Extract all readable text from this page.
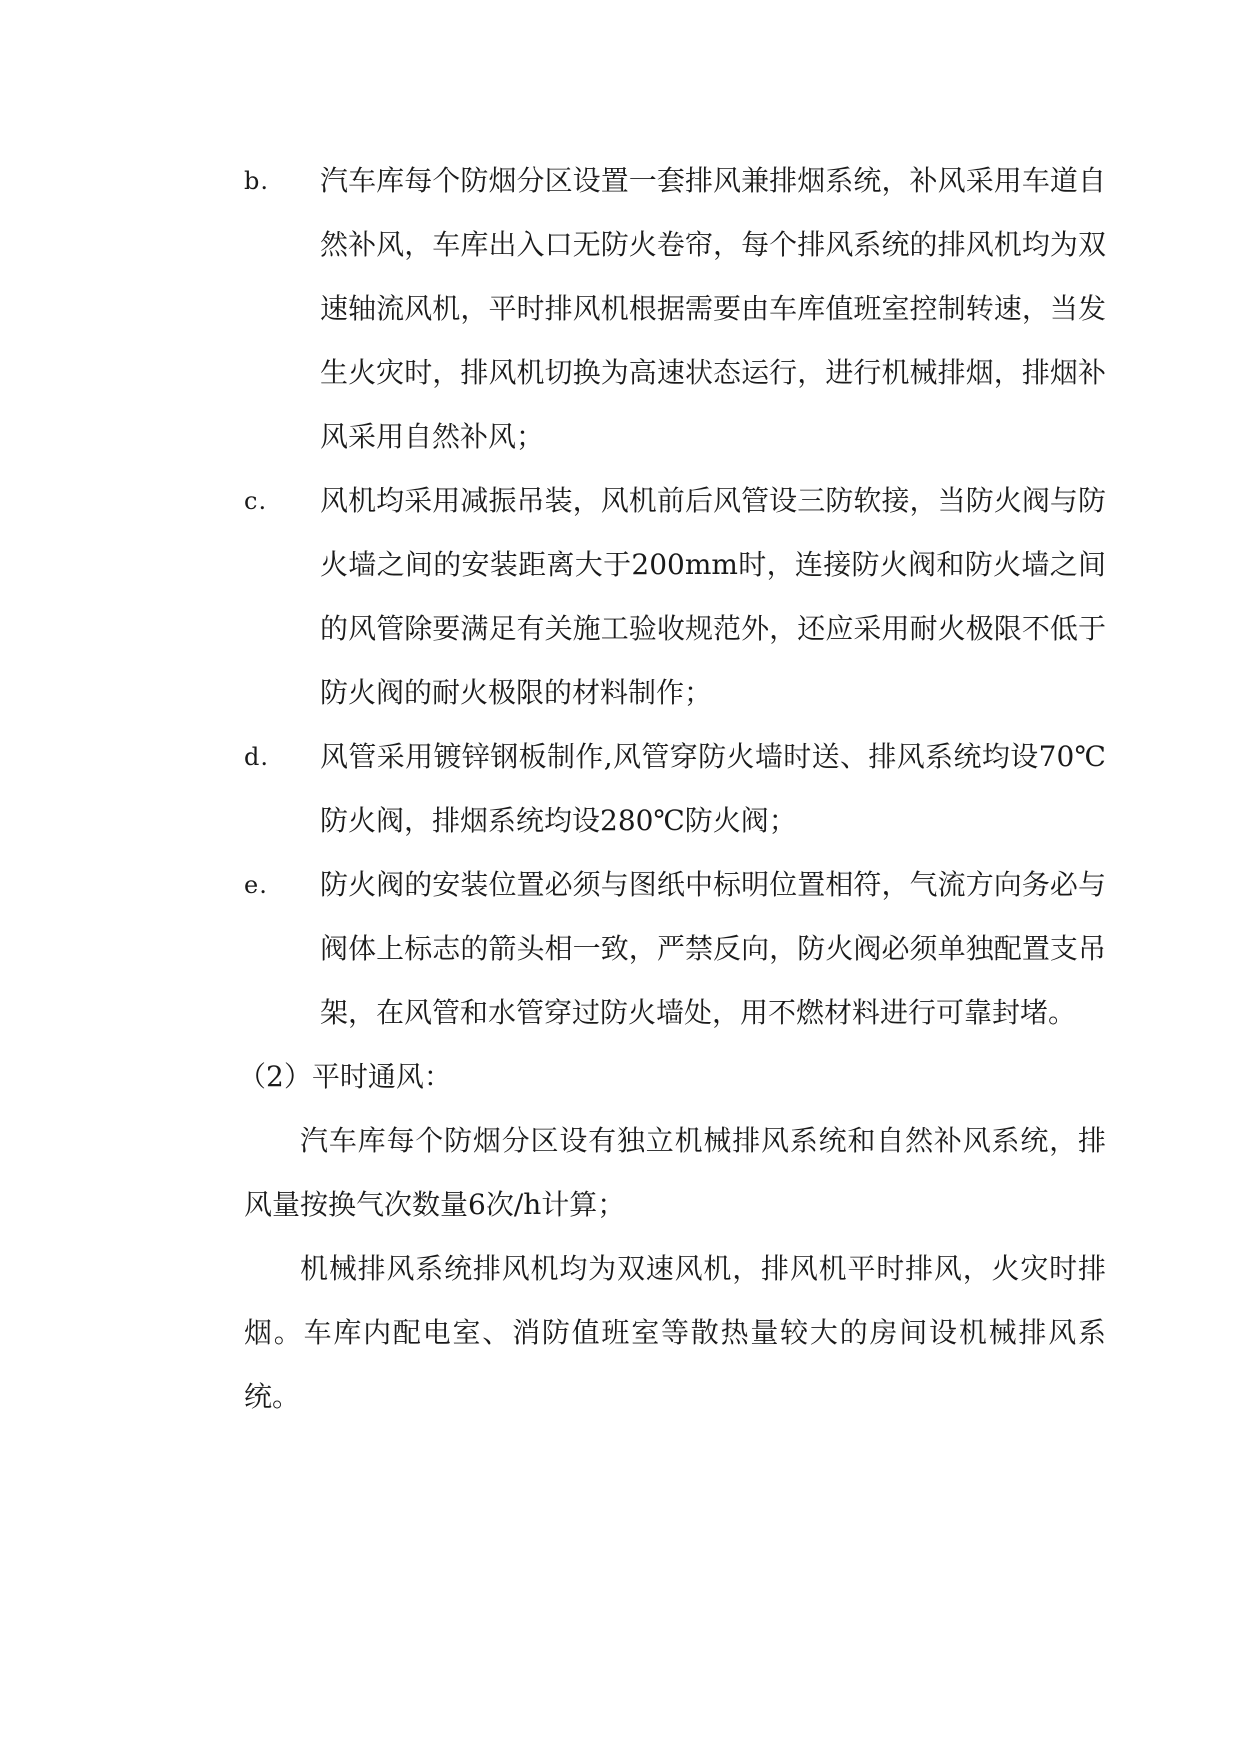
b.	汽车库每个防烟分区设置一套排风兼排烟系统，补风采用车道自然补风，车库出入口无防火卷帘，每个排风系统的排风机均为双速轴流风机，平时排风机根据需要由车库值班室控制转速，当发生火灾时，排风机切换为高速状态运行，进行机械排烟，排烟补风采用自然补风；

c.	风机均采用减振吊装，风机前后风管设三防软接，当防火阀与防火墙之间的安装距离大于200mm时，连接防火阀和防火墙之间的风管除要满足有关施工验收规范外，还应采用耐火极限不低于防火阀的耐火极限的材料制作；

d.	风管采用镀锌钢板制作,风管穿防火墙时送、排风系统均设70℃防火阀，排烟系统均设280℃防火阀；

e.	防火阀的安装位置必须与图纸中标明位置相符，气流方向务必与阀体上标志的箭头相一致，严禁反向，防火阀必须单独配置支吊架，在风管和水管穿过防火墙处，用不燃材料进行可靠封堵。

（2）平时通风：

汽车库每个防烟分区设有独立机械排风系统和自然补风系统，排风量按换气次数量6次/h计算；

机械排风系统排风机均为双速风机，排风机平时排风，火灾时排烟。车库内配电室、消防值班室等散热量较大的房间设机械排风系统。
